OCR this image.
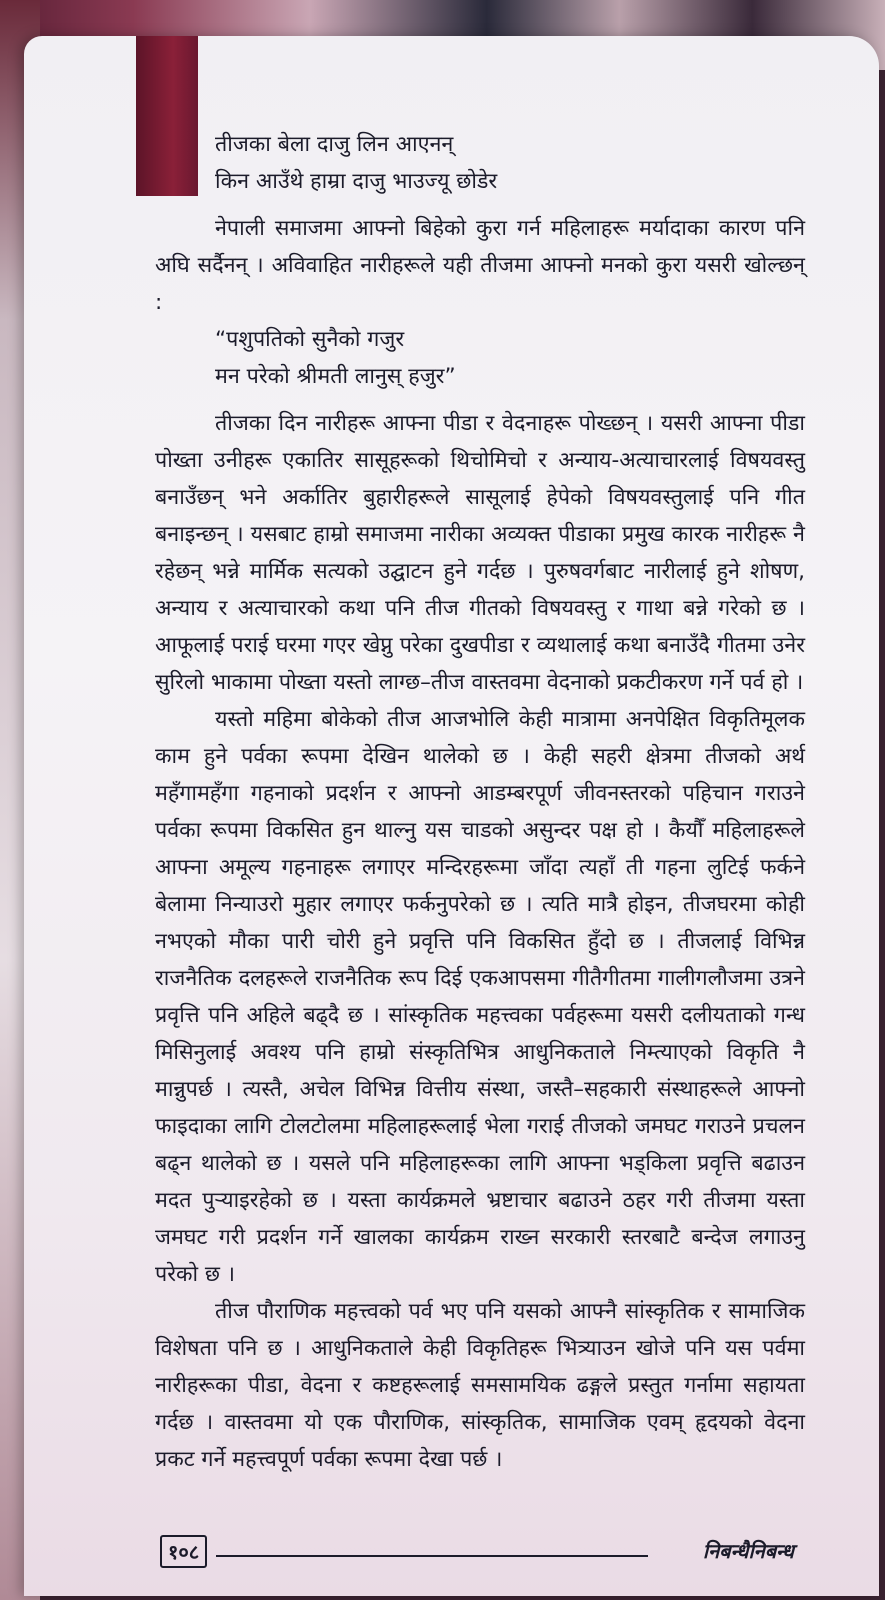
तीजका बेला दाजु लिन आएनन्

किन आउँथे हाम्रा दाजु भाउज्यू छोडेर

नेपाली समाजमा आफ्नो बिहेको कुरा गर्न महिलाहरू मर्यादाका कारण पनि अघि सर्दैनन् । अविवाहित नारीहरूले यही तीजमा आफ्नो मनको कुरा यसरी खोल्छन् :

“पशुपतिको सुनैको गजुर

मन परेको श्रीमती लानुस् हजुर”

तीजका दिन नारीहरू आफ्ना पीडा र वेदनाहरू पोख्छन् । यसरी आफ्ना पीडा पोख्ता उनीहरू एकातिर सासूहरूको थिचोमिचो र अन्याय-अत्याचारलाई विषयवस्तु बनाउँछन् भने अर्कातिर बुहारीहरूले सासूलाई हेपेको विषयवस्तुलाई पनि गीत बनाइन्छन् । यसबाट हाम्रो समाजमा नारीका अव्यक्त पीडाका प्रमुख कारक नारीहरू नै रहेछन् भन्ने मार्मिक सत्यको उद्घाटन हुने गर्दछ । पुरुषवर्गबाट नारीलाई हुने शोषण, अन्याय र अत्याचारको कथा पनि तीज गीतको विषयवस्तु र गाथा बन्ने गरेको छ । आफूलाई पराई घरमा गएर खेप्नु परेका दुखपीडा र व्यथालाई कथा बनाउँदै गीतमा उनेर सुरिलो भाकामा पोख्ता यस्तो लाग्छ–तीज वास्तवमा वेदनाको प्रकटीकरण गर्ने पर्व हो ।

यस्तो महिमा बोकेको तीज आजभोलि केही मात्रामा अनपेक्षित विकृतिमूलक काम हुने पर्वका रूपमा देखिन थालेको छ । केही सहरी क्षेत्रमा तीजको अर्थ महँगामहँगा गहनाको प्रदर्शन र आफ्नो आडम्बरपूर्ण जीवनस्तरको पहिचान गराउने पर्वका रूपमा विकसित हुन थाल्नु यस चाडको असुन्दर पक्ष हो । कैयौँ महिलाहरूले आफ्ना अमूल्य गहनाहरू लगाएर मन्दिरहरूमा जाँदा त्यहाँ ती गहना लुटिई फर्कने बेलामा निन्याउरो मुहार लगाएर फर्कनुपरेको छ । त्यति मात्रै होइन, तीजघरमा कोही नभएको मौका पारी चोरी हुने प्रवृत्ति पनि विकसित हुँदो छ । तीजलाई विभिन्न राजनैतिक दलहरूले राजनैतिक रूप दिई एकआपसमा गीतैगीतमा गालीगलौजमा उत्रने प्रवृत्ति पनि अहिले बढ्दै छ । सांस्कृतिक महत्त्वका पर्वहरूमा यसरी दलीयताको गन्ध मिसिनुलाई अवश्य पनि हाम्रो संस्कृतिभित्र आधुनिकताले निम्त्याएको विकृति नै मान्नुपर्छ । त्यस्तै, अचेल विभिन्न वित्तीय संस्था, जस्तै–सहकारी संस्थाहरूले आफ्नो फाइदाका लागि टोलटोलमा महिलाहरूलाई भेला गराई तीजको जमघट गराउने प्रचलन बढ्न थालेको छ । यसले पनि महिलाहरूका लागि आफ्ना भड्किला प्रवृत्ति बढाउन मदत पुऱ्याइरहेको छ । यस्ता कार्यक्रमले भ्रष्टाचार बढाउने ठहर गरी तीजमा यस्ता जमघट गरी प्रदर्शन गर्ने खालका कार्यक्रम राख्न सरकारी स्तरबाटै बन्देज लगाउनु परेको छ ।

तीज पौराणिक महत्त्वको पर्व भए पनि यसको आफ्नै सांस्कृतिक र सामाजिक विशेषता पनि छ । आधुनिकताले केही विकृतिहरू भित्र्याउन खोजे पनि यस पर्वमा नारीहरूका पीडा, वेदना र कष्टहरूलाई समसामयिक ढङ्गले प्रस्तुत गर्नामा सहायता गर्दछ । वास्तवमा यो एक पौराणिक, सांस्कृतिक, सामाजिक एवम् हृदयको वेदना प्रकट गर्ने महत्त्वपूर्ण पर्वका रूपमा देखा पर्छ ।

१०८	निबन्धैनिबन्ध
